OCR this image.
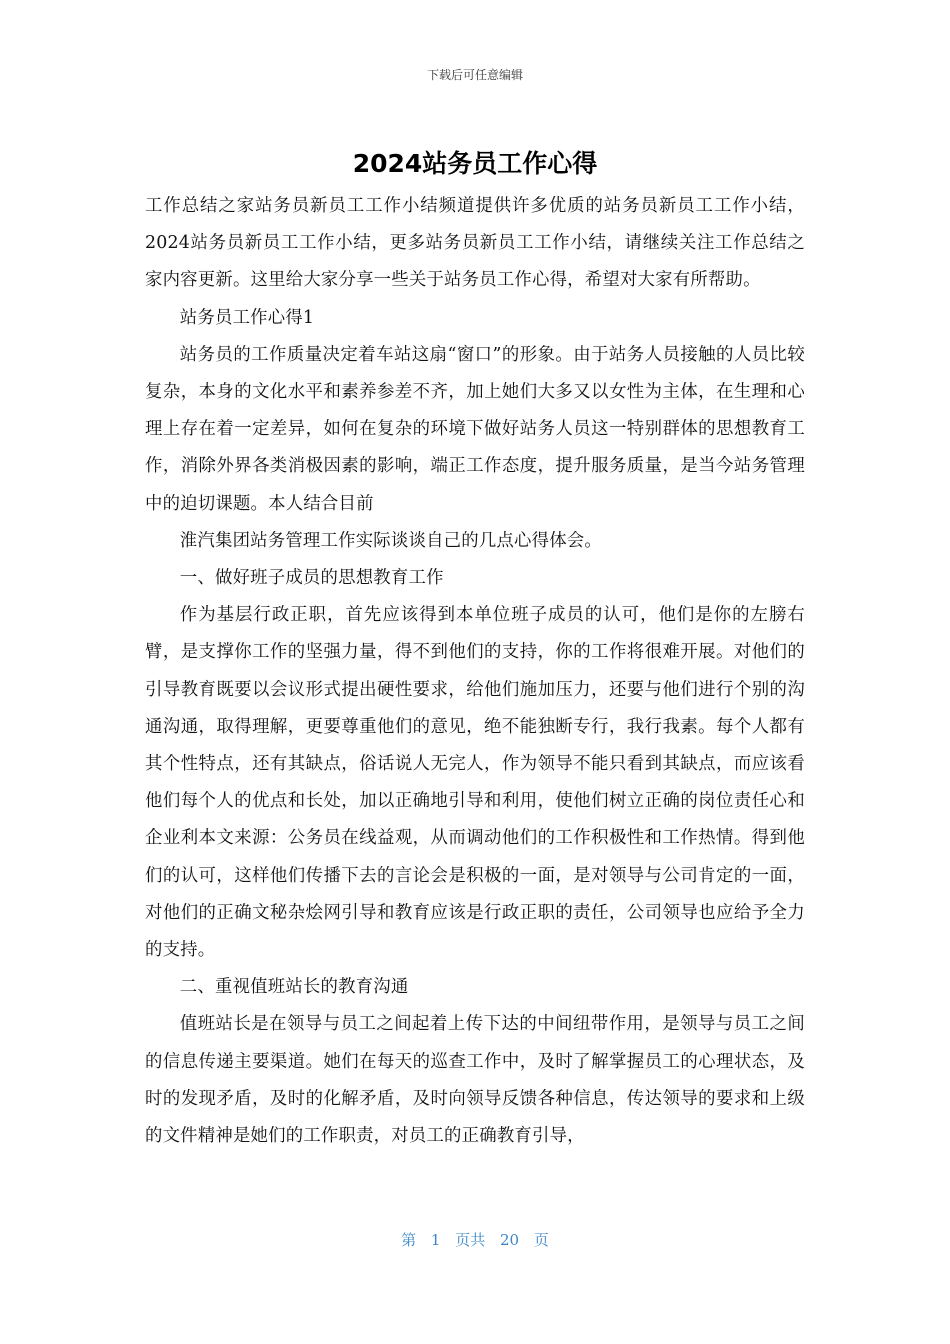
下载后可任意编辑
2024站务员工作心得

工作总结之家站务员新员工工作小结频道提供许多优质的站务员新员工工作小结，2024站务员新员工工作小结，更多站务员新员工工作小结，请继续关注工作总结之家内容更新。这里给大家分享一些关于站务员工作心得，希望对大家有所帮助。

站务员工作心得1

站务员的工作质量决定着车站这扇“窗口”的形象。由于站务人员接触的人员比较复杂，本身的文化水平和素养参差不齐，加上她们大多又以女性为主体，在生理和心理上存在着一定差异，如何在复杂的环境下做好站务人员这一特别群体的思想教育工作，消除外界各类消极因素的影响，端正工作态度，提升服务质量，是当今站务管理中的迫切课题。本人结合目前

淮汽集团站务管理工作实际谈谈自己的几点心得体会。

一、做好班子成员的思想教育工作

作为基层行政正职，首先应该得到本单位班子成员的认可，他们是你的左膀右臂，是支撑你工作的坚强力量，得不到他们的支持，你的工作将很难开展。对他们的引导教育既要以会议形式提出硬性要求，给他们施加压力，还要与他们进行个别的沟通沟通，取得理解，更要尊重他们的意见，绝不能独断专行，我行我素。每个人都有其个性特点，还有其缺点，俗话说人无完人，作为领导不能只看到其缺点，而应该看他们每个人的优点和长处，加以正确地引导和利用，使他们树立正确的岗位责任心和企业利本文来源：公务员在线益观，从而调动他们的工作积极性和工作热情。得到他们的认可，这样他们传播下去的言论会是积极的一面，是对领导与公司肯定的一面，对他们的正确文秘杂烩网引导和教育应该是行政正职的责任，公司领导也应给予全力的支持。

二、重视值班站长的教育沟通

值班站长是在领导与员工之间起着上传下达的中间纽带作用，是领导与员工之间的信息传递主要渠道。她们在每天的巡查工作中，及时了解掌握员工的心理状态，及时的发现矛盾，及时的化解矛盾，及时向领导反馈各种信息，传达领导的要求和上级的文件精神是她们的工作职责，对员工的正确教育引导，

第 1 页共 20 页
